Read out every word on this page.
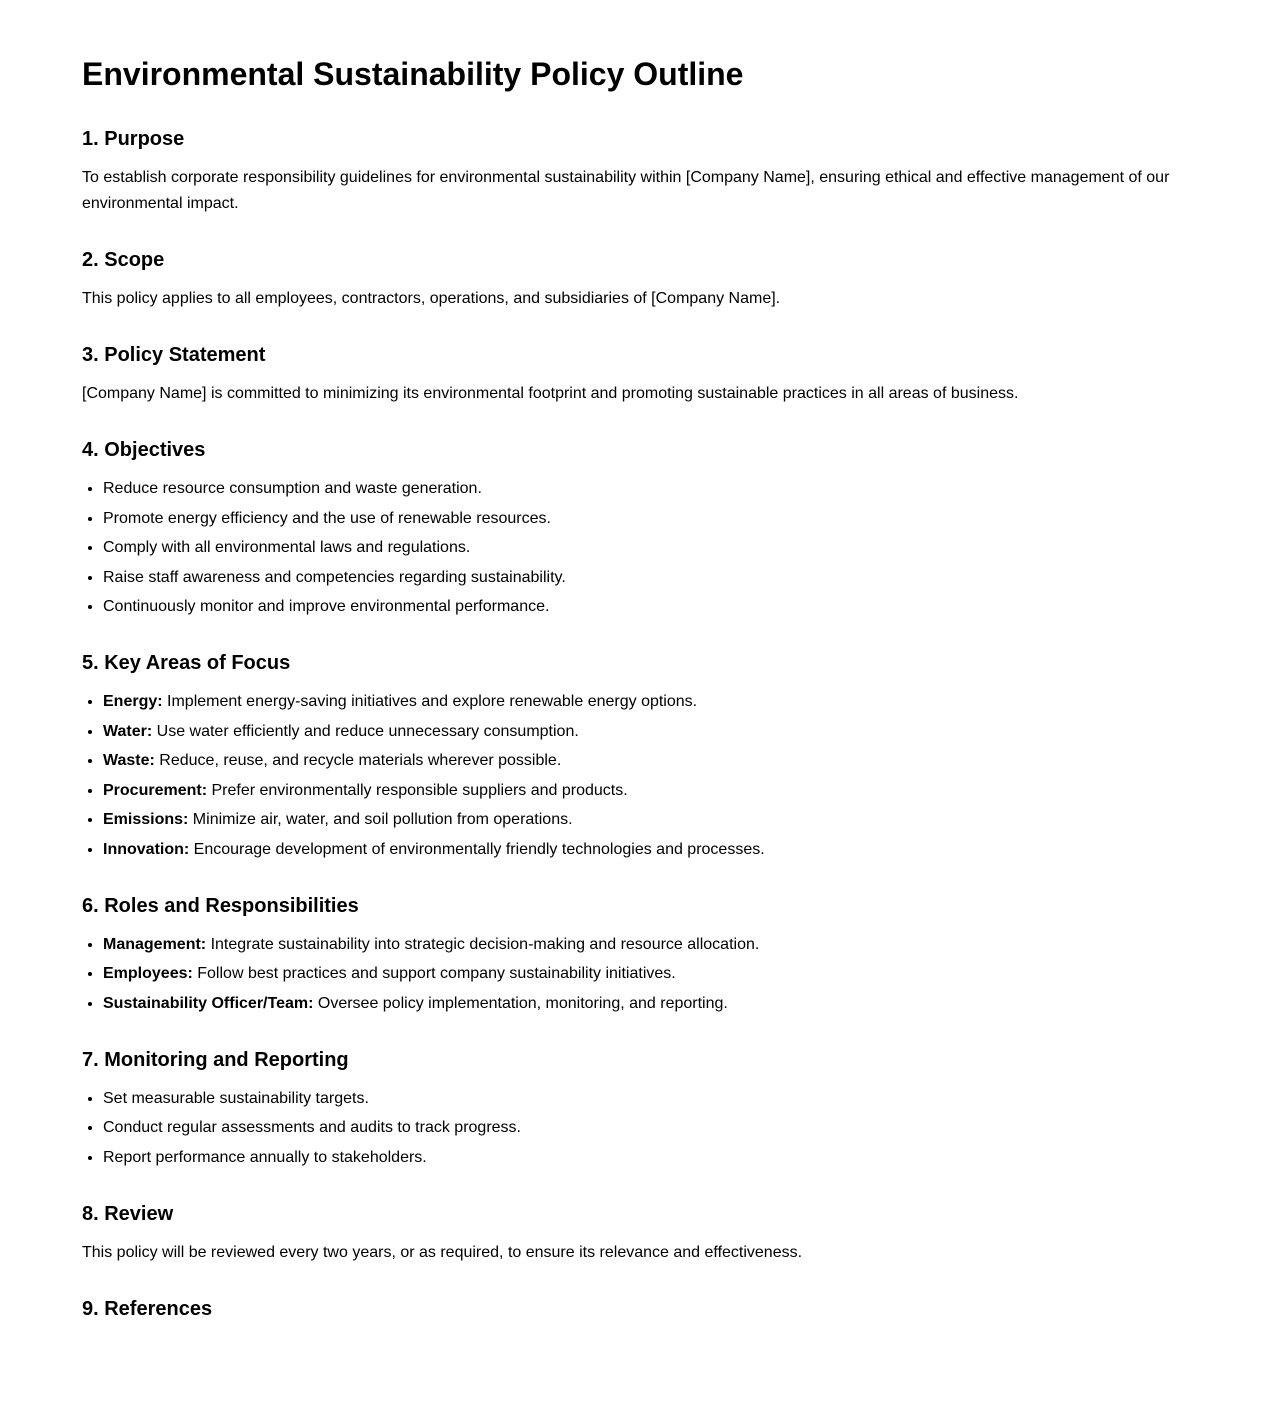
Environmental Sustainability Policy Outline
1. Purpose

To establish corporate responsibility guidelines for environmental sustainability within [Company Name], ensuring ethical and effective management of our environmental impact.

2. Scope

This policy applies to all employees, contractors, operations, and subsidiaries of [Company Name].

3. Policy Statement

[Company Name] is committed to minimizing its environmental footprint and promoting sustainable practices in all areas of business.

4. Objectives
• Reduce resource consumption and waste generation.
• Promote energy efficiency and the use of renewable resources.
• Comply with all environmental laws and regulations.
• Raise staff awareness and competencies regarding sustainability.
• Continuously monitor and improve environmental performance.
5. Key Areas of Focus
• Energy: Implement energy-saving initiatives and explore renewable energy options.
• Water: Use water efficiently and reduce unnecessary consumption.
• Waste: Reduce, reuse, and recycle materials wherever possible.
• Procurement: Prefer environmentally responsible suppliers and products.
• Emissions: Minimize air, water, and soil pollution from operations.
• Innovation: Encourage development of environmentally friendly technologies and processes.
6. Roles and Responsibilities
• Management: Integrate sustainability into strategic decision-making and resource allocation.
• Employees: Follow best practices and support company sustainability initiatives.
• Sustainability Officer/Team: Oversee policy implementation, monitoring, and reporting.
7. Monitoring and Reporting
• Set measurable sustainability targets.
• Conduct regular assessments and audits to track progress.
• Report performance annually to stakeholders.
8. Review

This policy will be reviewed every two years, or as required, to ensure its relevance and effectiveness.

9. References
